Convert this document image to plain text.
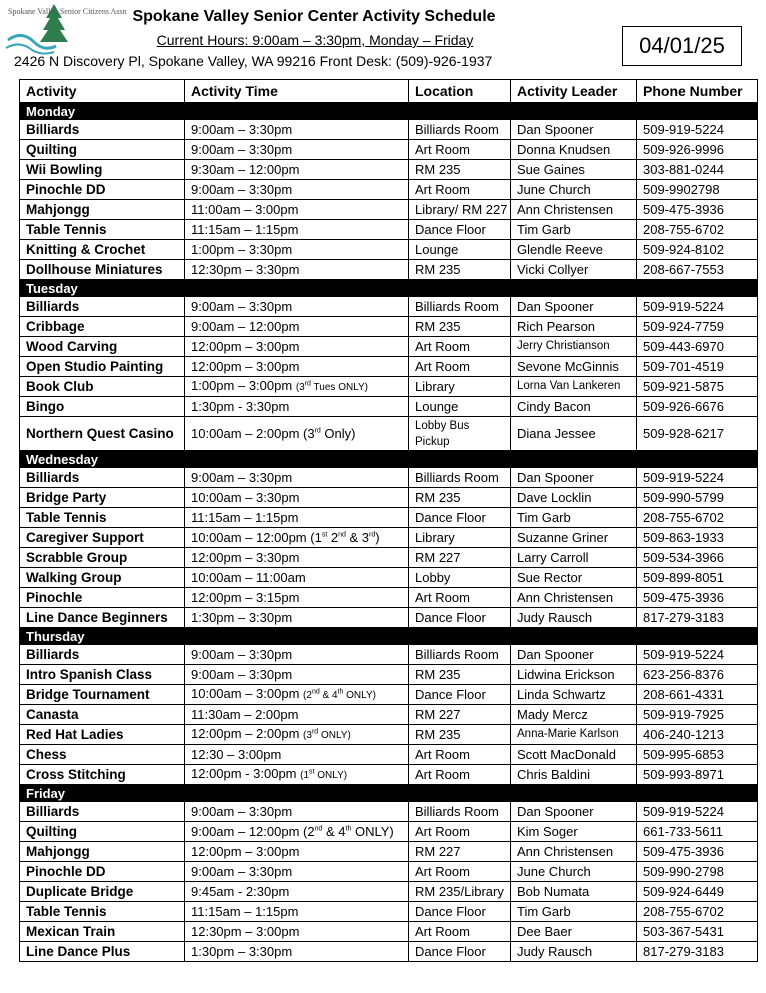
Spokane Valley Senior Citizens Assn Spokane Valley Senior Center Activity Schedule
Current Hours: 9:00am – 3:30pm, Monday – Friday
2426 N Discovery Pl, Spokane Valley, WA 99216 Front Desk: (509)-926-1937
04/01/25
Activity	Activity Time	Location	Activity Leader	Phone Number
Monday				
Billiards	9:00am – 3:30pm	Billiards Room	Dan Spooner	509-919-5224
Quilting	9:00am – 3:30pm	Art Room	Donna Knudsen	509-926-9996
Wii Bowling	9:30am – 12:00pm	RM 235	Sue Gaines	303-881-0244
Pinochle DD	9:00am – 3:30pm	Art Room	June Church	509-9902798
Mahjongg	11:00am – 3:00pm	Library/ RM 227	Ann Christensen	509-475-3936
Table Tennis	11:15am – 1:15pm	Dance Floor	Tim Garb	208-755-6702
Knitting & Crochet	1:00pm – 3:30pm	Lounge	Glendle Reeve	509-924-8102
Dollhouse Miniatures	12:30pm – 3:30pm	RM 235	Vicki Collyer	208-667-7553
Tuesday				
Billiards	9:00am – 3:30pm	Billiards Room	Dan Spooner	509-919-5224
Cribbage	9:00am – 12:00pm	RM 235	Rich Pearson	509-924-7759
Wood Carving	12:00pm – 3:00pm	Art Room	Jerry Christianson	509-443-6970
Open Studio Painting	12:00pm – 3:00pm	Art Room	Sevone McGinnis	509-701-4519
Book Club	1:00pm – 3:00pm (3rd Tues ONLY)	Library	Lorna Van Lankeren	509-921-5875
Bingo	1:30pm - 3:30pm	Lounge	Cindy Bacon	509-926-6676
Northern Quest Casino	10:00am – 2:00pm (3rd Only)	Lobby Bus Pickup	Diana Jessee	509-928-6217
Wednesday				
Billiards	9:00am – 3:30pm	Billiards Room	Dan Spooner	509-919-5224
Bridge Party	10:00am – 3:30pm	RM 235	Dave Locklin	509-990-5799
Table Tennis	11:15am – 1:15pm	Dance Floor	Tim Garb	208-755-6702
Caregiver Support	10:00am – 12:00pm (1st 2nd & 3rd)	Library	Suzanne Griner	509-863-1933
Scrabble Group	12:00pm – 3:30pm	RM 227	Larry Carroll	509-534-3966
Walking Group	10:00am – 11:00am	Lobby	Sue Rector	509-899-8051
Pinochle	12:00pm – 3:15pm	Art Room	Ann Christensen	509-475-3936
Line Dance Beginners	1:30pm – 3:30pm	Dance Floor	Judy Rausch	817-279-3183
Thursday				
Billiards	9:00am – 3:30pm	Billiards Room	Dan Spooner	509-919-5224
Intro Spanish Class	9:00am – 3:30pm	RM 235	Lidwina Erickson	623-256-8376
Bridge Tournament	10:00am – 3:00pm (2nd & 4th ONLY)	Dance Floor	Linda Schwartz	208-661-4331
Canasta	11:30am – 2:00pm	RM 227	Mady Mercz	509-919-7925
Red Hat Ladies	12:00pm – 2:00pm (3rd ONLY)	RM 235	Anna-Marie Karlson	406-240-1213
Chess	12:30 – 3:00pm	Art Room	Scott MacDonald	509-995-6853
Cross Stitching	12:00pm - 3:00pm (1st ONLY)	Art Room	Chris Baldini	509-993-8971
Friday				
Billiards	9:00am – 3:30pm	Billiards Room	Dan Spooner	509-919-5224
Quilting	9:00am – 12:00pm (2nd & 4th ONLY)	Art Room	Kim Soger	661-733-5611
Mahjongg	12:00pm – 3:00pm	RM 227	Ann Christensen	509-475-3936
Pinochle DD	9:00am – 3:30pm	Art Room	June Church	509-990-2798
Duplicate Bridge	9:45am - 2:30pm	RM 235/Library	Bob Numata	509-924-6449
Table Tennis	11:15am – 1:15pm	Dance Floor	Tim Garb	208-755-6702
Mexican Train	12:30pm – 3:00pm	Art Room	Dee Baer	503-367-5431
Line Dance Plus	1:30pm – 3:30pm	Dance Floor	Judy Rausch	817-279-3183
